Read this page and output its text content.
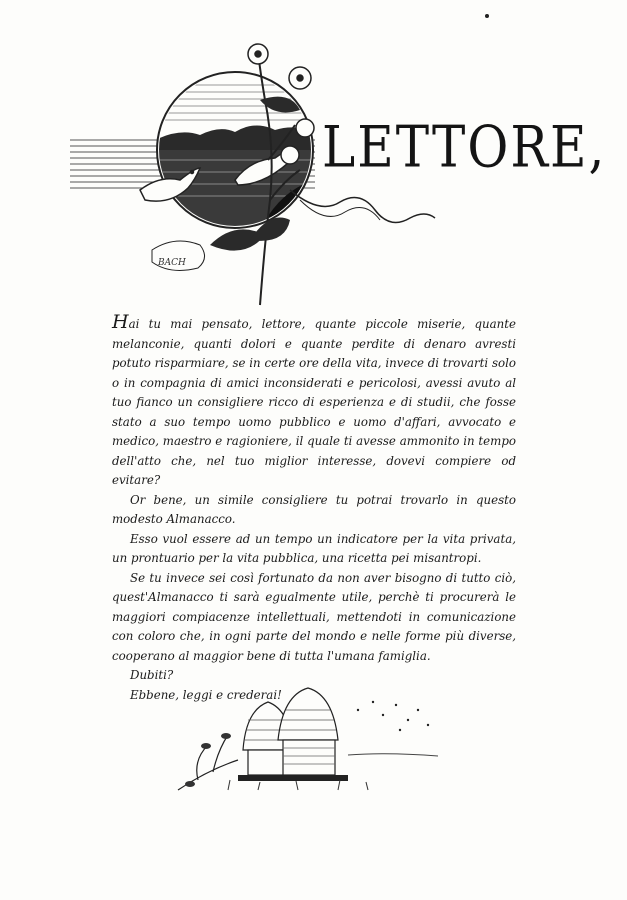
LETTORE,
BACH

Hai tu mai pensato, lettore, quante piccole miserie, quante melanconie, quanti dolori e quante perdite di denaro avresti potuto risparmiare, se in certe ore della vita, invece di trovarti solo o in compagnia di amici inconsiderati e pericolosi, avessi avuto al tuo fianco un consigliere ricco di esperienza e di studii, che fosse stato a suo tempo uomo pubblico e uomo d'affari, avvocato e medico, maestro e ragioniere, il quale ti avesse ammonito in tempo dell'atto che, nel tuo miglior interesse, dovevi compiere od evitare?

Or bene, un simile consigliere tu potrai trovarlo in questo modesto Almanacco.

Esso vuol essere ad un tempo un indicatore per la vita privata, un prontuario per la vita pubblica, una ricetta pei misantropi.

Se tu invece sei così fortunato da non aver bisogno di tutto ciò, quest'Almanacco ti sarà egualmente utile, perchè ti procurerà le maggiori compiacenze intellettuali, mettendoti in comunicazione con coloro che, in ogni parte del mondo e nelle forme più diverse, cooperano al maggior bene di tutta l'umana famiglia.

Dubiti?

Ebbene, leggi e crederai!
